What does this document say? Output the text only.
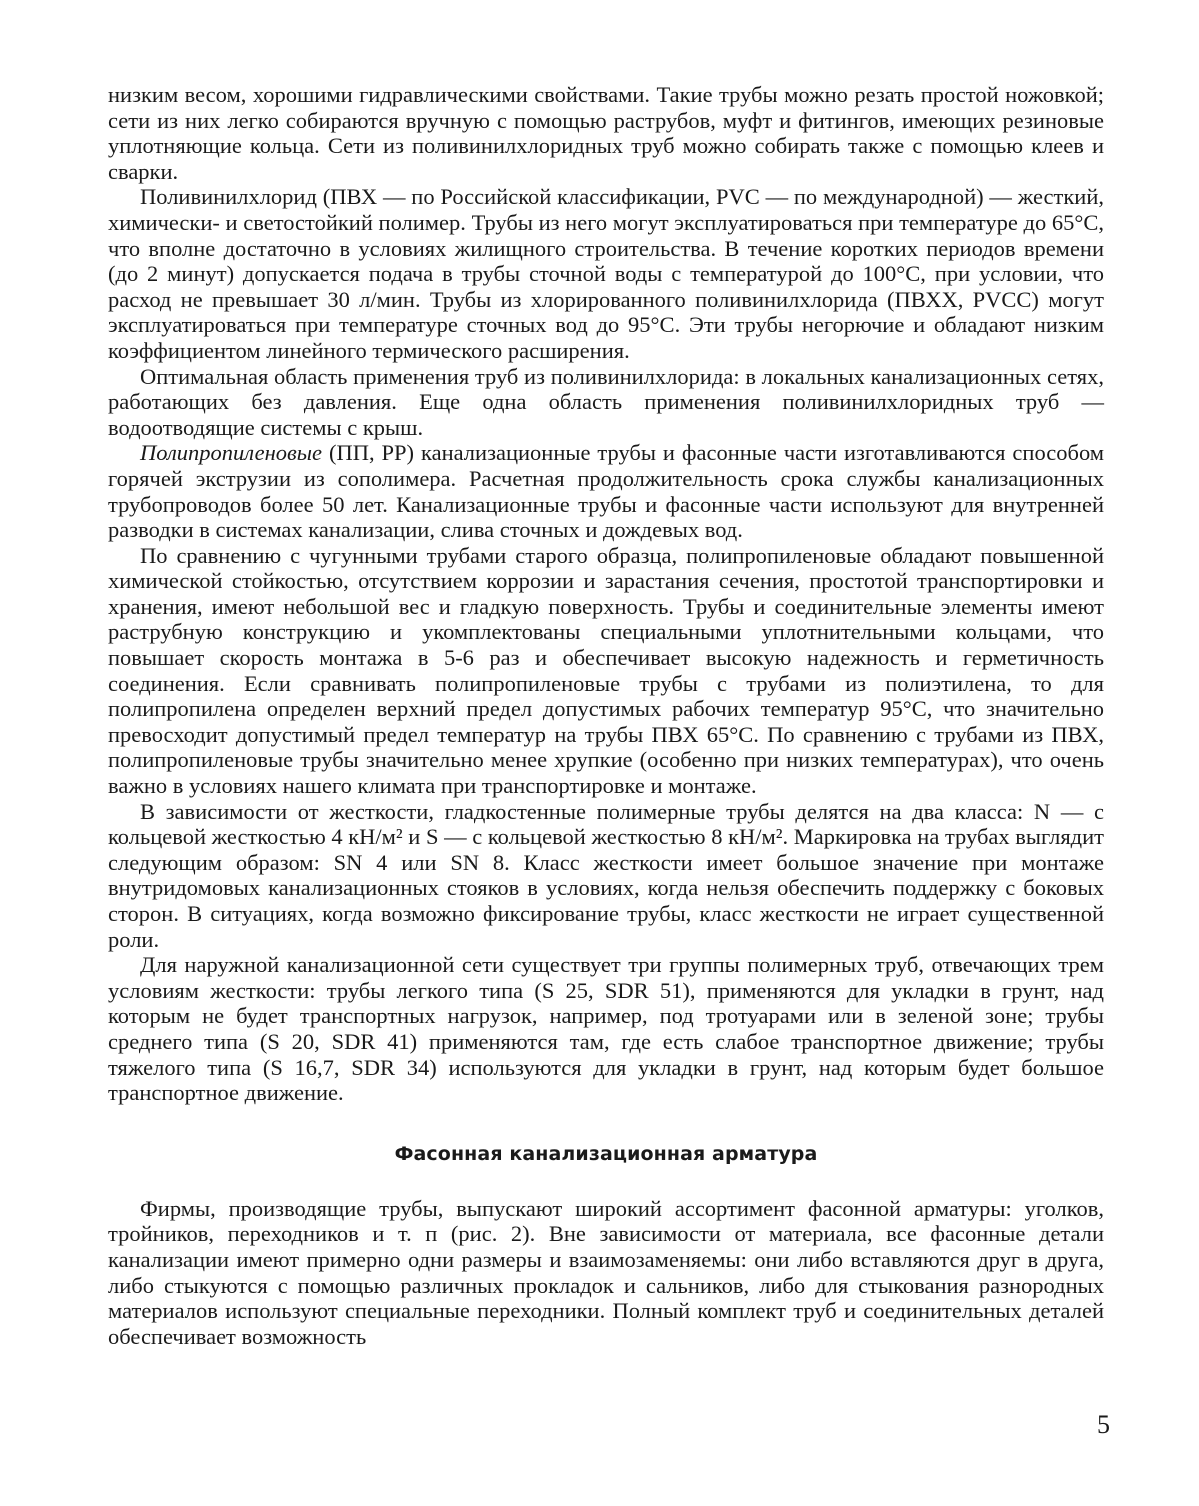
низким весом, хорошими гидравлическими свойствами. Такие трубы можно резать простой ножовкой; сети из них легко собираются вручную с помощью раструбов, муфт и фитингов, имеющих резиновые уплотняющие кольца. Сети из поливинилхлоридных труб можно собирать также с помощью клеев и сварки.

Поливинилхлорид (ПВХ — по Российской классификации, PVC — по международной) — жесткий, химически- и светостойкий полимер. Трубы из него могут эксплуатироваться при температуре до 65°С, что вполне достаточно в условиях жилищного строительства. В течение коротких периодов времени (до 2 минут) допускается подача в трубы сточной воды с температурой до 100°С, при условии, что расход не превышает 30 л/мин. Трубы из хлорированного поливинилхлорида (ПВХХ, PVCC) могут эксплуатироваться при температуре сточных вод до 95°С. Эти трубы негорючие и обладают низким коэффициентом линейного термического расширения.

Оптимальная область применения труб из поливинилхлорида: в локальных канализационных сетях, работающих без давления. Еще одна область применения поливинилхлоридных труб — водоотводящие системы с крыш.

Полипропиленовые (ПП, PP) канализационные трубы и фасонные части изготавливаются способом горячей экструзии из сополимера. Расчетная продолжительность срока службы канализационных трубопроводов более 50 лет. Канализационные трубы и фасонные части используют для внутренней разводки в системах канализации, слива сточных и дождевых вод.

По сравнению с чугунными трубами старого образца, полипропиленовые обладают повышенной химической стойкостью, отсутствием коррозии и зарастания сечения, простотой транспортировки и хранения, имеют небольшой вес и гладкую поверхность. Трубы и соединительные элементы имеют раструбную конструкцию и укомплектованы специальными уплотнительными кольцами, что повышает скорость монтажа в 5-6 раз и обеспечивает высокую надежность и герметичность соединения. Если сравнивать полипропиленовые трубы с трубами из полиэтилена, то для полипропилена определен верхний предел допустимых рабочих температур 95°С, что значительно превосходит допустимый предел температур на трубы ПВХ 65°С. По сравнению с трубами из ПВХ, полипропиленовые трубы значительно менее хрупкие (особенно при низких температурах), что очень важно в условиях нашего климата при транспортировке и монтаже.

В зависимости от жесткости, гладкостенные полимерные трубы делятся на два класса: N — с кольцевой жесткостью 4 кН/м² и S — с кольцевой жесткостью 8 кН/м². Маркировка на трубах выглядит следующим образом: SN 4 или SN 8. Класс жесткости имеет большое значение при монтаже внутридомовых канализационных стояков в условиях, когда нельзя обеспечить поддержку с боковых сторон. В ситуациях, когда возможно фиксирование трубы, класс жесткости не играет существенной роли.

Для наружной канализационной сети существует три группы полимерных труб, отвечающих трем условиям жесткости: трубы легкого типа (S 25, SDR 51), применяются для укладки в грунт, над которым не будет транспортных нагрузок, например, под тротуарами или в зеленой зоне; трубы среднего типа (S 20, SDR 41) применяются там, где есть слабое транспортное движение; трубы тяжелого типа (S 16,7, SDR 34) используются для укладки в грунт, над которым будет большое транспортное движение.

Фасонная канализационная арматура

Фирмы, производящие трубы, выпускают широкий ассортимент фасонной арматуры: уголков, тройников, переходников и т. п (рис. 2). Вне зависимости от материала, все фасонные детали канализации имеют примерно одни размеры и взаимозаменяемы: они либо вставляются друг в друга, либо стыкуются с помощью различных прокладок и сальников, либо для стыкования разнородных материалов используют специальные переходники. Полный комплект труб и соединительных деталей обеспечивает возможность

5
